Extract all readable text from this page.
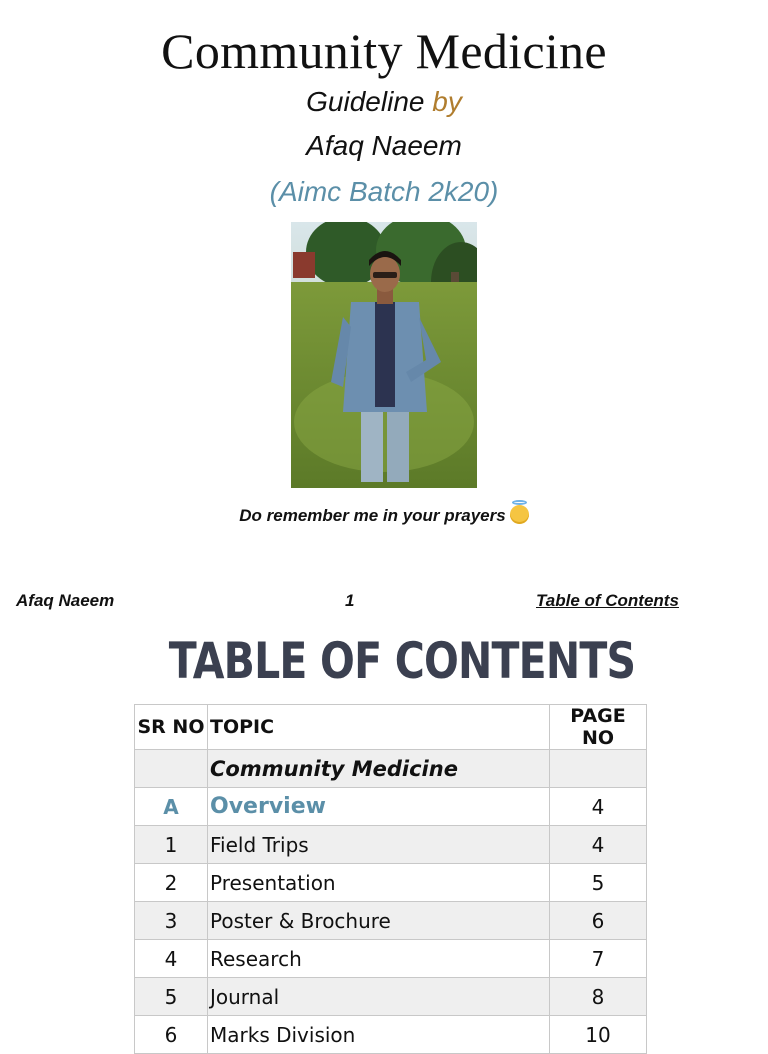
Community Medicine
Guideline by
Afaq Naeem
(Aimc Batch 2k20)
Do remember me in your prayers
Afaq Naeem	1	Table of Contents
TABLE OF CONTENTS
SR NO	TOPIC	PAGE NO
	Community Medicine	
A	Overview	4
1	Field Trips	4
2	Presentation	5
3	Poster & Brochure	6
4	Research	7
5	Journal	8
6	Marks Division	10
